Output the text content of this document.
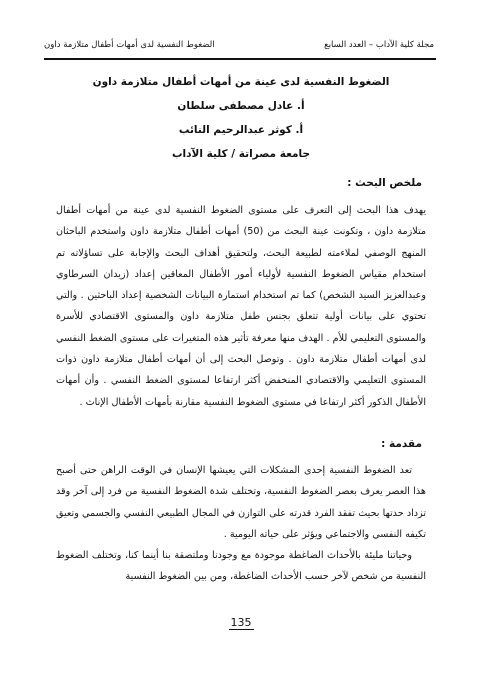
مجلة كلية الآداب – العدد السابع
الضغوط النفسية لدى أمهات أطفال متلازمة داون
الضغوط النفسية لدى عينة من أمهات أطفال متلازمة داون
أ. عادل مصطفى سلطان
أ. كوثر عبدالرحيم النائب
جامعة مصراتة / كلية الآداب
ملخص البحث :
يهدف هذا البحث إلى التعرف على مستوى الضغوط النفسية لدى عينة من أمهات أطفال متلازمة داون ، وتكونت عينة البحث من (50) أمهات أطفال متلازمة داون واستخدم الباحثان المنهج الوصفي لملاءمته لطبيعة البحث، ولتحقيق أهداف البحث والإجابة على تساؤلاته تم استخدام مقياس الضغوط النفسية لأولياء أمور الأطفال المعاقين إعداد (زيدان السرطاوي وعبدالعزيز السيد الشخص) كما تم استخدام استمارة البيانات الشخصية إعداد الباحثين . والتي تحتوي على بيانات أولية تتعلق بجنس طفل متلازمة داون والمستوى الاقتصادي للأسرة والمستوى التعليمي للأم . الهدف منها معرفة تأثير هذه المتغيرات على مستوى الضغط النفسي لدى أمهات أطفال متلازمة داون . وتوصل البحث إلى أن أمهات أطفال متلازمة داون ذوات المستوى التعليمي والاقتصادي المنخفض أكثر ارتفاعا لمستوى الضغط النفسي . وأن أمهات الأطفال الذكور أكثر ارتفاعا في مستوى الضغوط النفسية مقارنة بأمهات الأطفال الإناث .
مقدمة :
تعد الضغوط النفسية إحدى المشكلات التي يعيشها الإنسان في الوقت الراهن حتى أصبح هذا العصر يعرف بعصر الضغوط النفسية، وتختلف شدة الضغوط النفسية من فرد إلى آخر وقد تزداد حدتها بحيث تفقد الفرد قدرته على التوازن في المجال الطبيعي النفسي والجسمي وتعيق تكيفه النفسي والاجتماعي ويؤثر على حياته اليومية .
وحياتنا مليئة بالأحداث الضاغطة موجودة مع وجودنا وملتصقة بنا أينما كنا، وتختلف الضغوط النفسية من شخص لآخر حسب الأحداث الضاغطة، ومن بين الضغوط النفسية
135
